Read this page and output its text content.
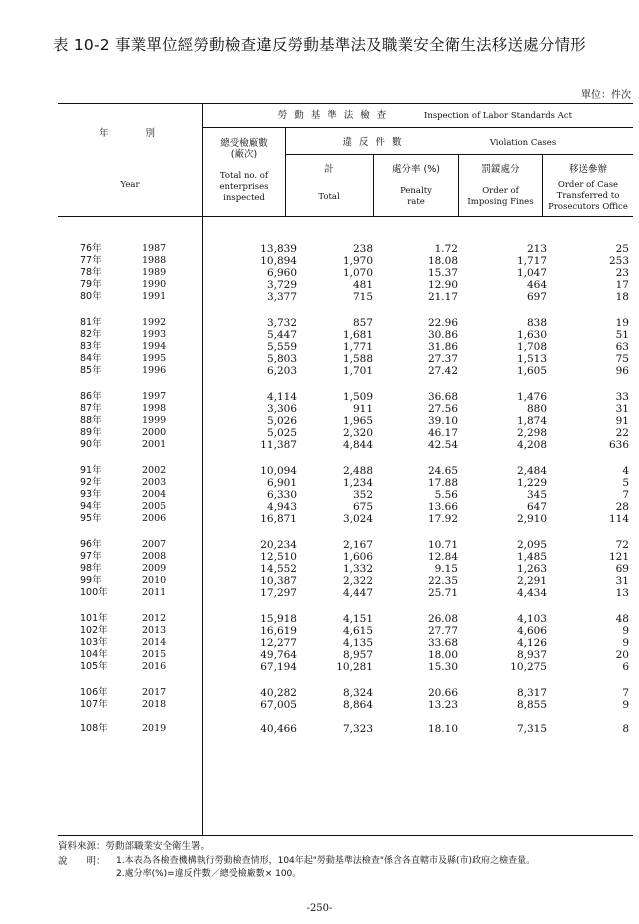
表 10-2 事業單位經勞動檢查違反勞動基準法及職業安全衛生法移送處分情形
單位：件次
年　　別
Year
勞 動 基 準 法 檢 查	Inspection of Labor Standards Act
總受檢廠數
(廠次)
Total no. of
enterprises
inspected
違 反 件 數	Violation Cases
計
Total
處分率 (%)
Penalty
rate
罰鍰處分
Order of
Imposing Fines
移送參辦
Order of Case
Transferred to
Prosecutors Office
76年	1987	13,839	238	1.72	213	25
77年	1988	10,894	1,970	18.08	1,717	253
78年	1989	6,960	1,070	15.37	1,047	23
79年	1990	3,729	481	12.90	464	17
80年	1991	3,377	715	21.17	697	18
81年	1992	3,732	857	22.96	838	19
82年	1993	5,447	1,681	30.86	1,630	51
83年	1994	5,559	1,771	31.86	1,708	63
84年	1995	5,803	1,588	27.37	1,513	75
85年	1996	6,203	1,701	27.42	1,605	96
86年	1997	4,114	1,509	36.68	1,476	33
87年	1998	3,306	911	27.56	880	31
88年	1999	5,026	1,965	39.10	1,874	91
89年	2000	5,025	2,320	46.17	2,298	22
90年	2001	11,387	4,844	42.54	4,208	636
91年	2002	10,094	2,488	24.65	2,484	4
92年	2003	6,901	1,234	17.88	1,229	5
93年	2004	6,330	352	5.56	345	7
94年	2005	4,943	675	13.66	647	28
95年	2006	16,871	3,024	17.92	2,910	114
96年	2007	20,234	2,167	10.71	2,095	72
97年	2008	12,510	1,606	12.84	1,485	121
98年	2009	14,552	1,332	9.15	1,263	69
99年	2010	10,387	2,322	22.35	2,291	31
100年	2011	17,297	4,447	25.71	4,434	13
101年	2012	15,918	4,151	26.08	4,103	48
102年	2013	16,619	4,615	27.77	4,606	9
103年	2014	12,277	4,135	33.68	4,126	9
104年	2015	49,764	8,957	18.00	8,937	20
105年	2016	67,194	10,281	15.30	10,275	6
106年	2017	40,282	8,324	20.66	8,317	7
107年	2018	67,005	8,864	13.23	8,855	9
108年	2019	40,466	7,323	18.10	7,315	8
資料來源：勞動部職業安全衛生署。
說　　明： 1.本表為各檢查機構執行勞動檢查情形，104年起"勞動基準法檢查"係含各直轄市及縣(市)政府之檢查量。
2.處分率(%)=違反件數／總受檢廠數× 100。
-250-
